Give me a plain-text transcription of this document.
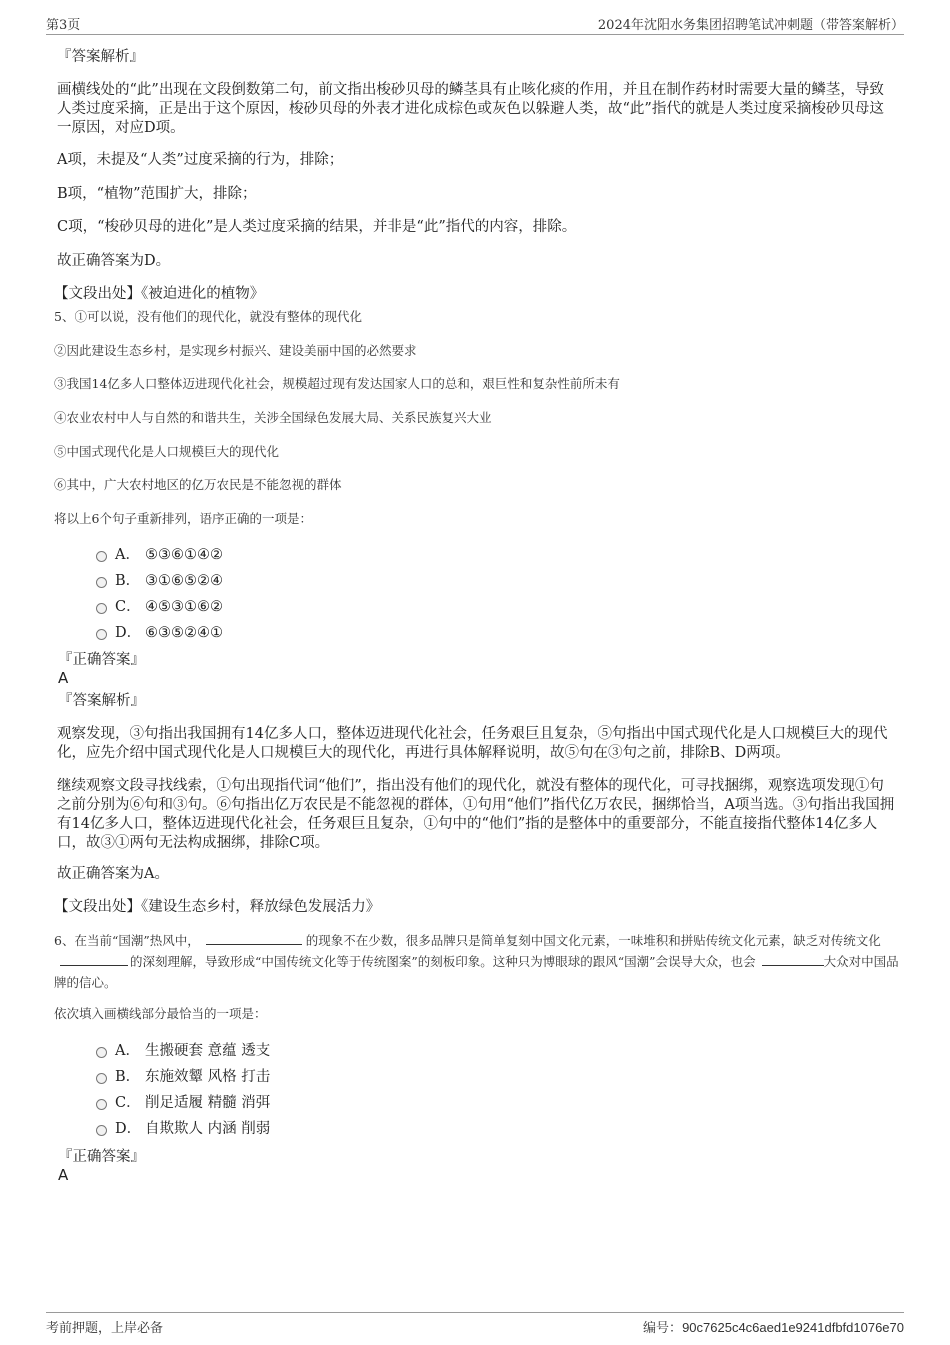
第3页	2024年沈阳水务集团招聘笔试冲刺题（带答案解析）
『答案解析』

画横线处的“此”出现在文段倒数第二句，前文指出梭砂贝母的鳞茎具有止咳化痰的作用，并且在制作药材时需要大量的鳞茎，导致人类过度采摘，正是出于这个原因，梭砂贝母的外表才进化成棕色或灰色以躲避人类，故“此”指代的就是人类过度采摘梭砂贝母这一原因，对应D项。

A项，未提及“人类”过度采摘的行为，排除；
B项，“植物”范围扩大，排除；
C项，“梭砂贝母的进化”是人类过度采摘的结果，并非是“此”指代的内容，排除。
故正确答案为D。
【文段出处】《被迫进化的植物》
5、①可以说，没有他们的现代化，就没有整体的现代化
②因此建设生态乡村，是实现乡村振兴、建设美丽中国的必然要求
③我国14亿多人口整体迈进现代化社会，规模超过现有发达国家人口的总和，艰巨性和复杂性前所未有
④农业农村中人与自然的和谐共生，关涉全国绿色发展大局、关系民族复兴大业
⑤中国式现代化是人口规模巨大的现代化
⑥其中，广大农村地区的亿万农民是不能忽视的群体
将以上6个句子重新排列，语序正确的一项是：
A． ⑤③⑥①④②
B． ③①⑥⑤②④
C． ④⑤③①⑥②
D． ⑥③⑤②④①
『正确答案』
A
『答案解析』

观察发现，③句指出我国拥有14亿多人口，整体迈进现代化社会，任务艰巨且复杂，⑤句指出中国式现代化是人口规模巨大的现代化，应先介绍中国式现代化是人口规模巨大的现代化，再进行具体解释说明，故⑤句在③句之前，排除B、D两项。

继续观察文段寻找线索，①句出现指代词“他们”，指出没有他们的现代化，就没有整体的现代化，可寻找捆绑，观察选项发现①句之前分别为⑥句和③句。⑥句指出亿万农民是不能忽视的群体，①句用“他们”指代亿万农民，捆绑恰当，A项当选。③句指出我国拥有14亿多人口，整体迈进现代化社会，任务艰巨且复杂，①句中的“他们”指的是整体中的重要部分，不能直接指代整体14亿多人口，故③①两句无法构成捆绑，排除C项。

故正确答案为A。
【文段出处】《建设生态乡村，释放绿色发展活力》

6、在当前“国潮”热风中，	的现象不在少数，很多品牌只是简单复刻中国文化元素，一味堆积和拼贴传统文化元素，缺乏对传统文化的深刻理解，导致形成“中国传统文化等于传统图案”的刻板印象。这种只为博眼球的跟风“国潮”会误导大众，也会	大众对中国品牌的信心。

依次填入画横线部分最恰当的一项是：
A． 生搬硬套 意蕴 透支
B． 东施效颦 风格 打击
C． 削足适履 精髓 消弭
D． 自欺欺人 内涵 削弱
『正确答案』
A
考前押题，上岸必备	编号：90c7625c4c6aed1e9241dfbfd1076e70
